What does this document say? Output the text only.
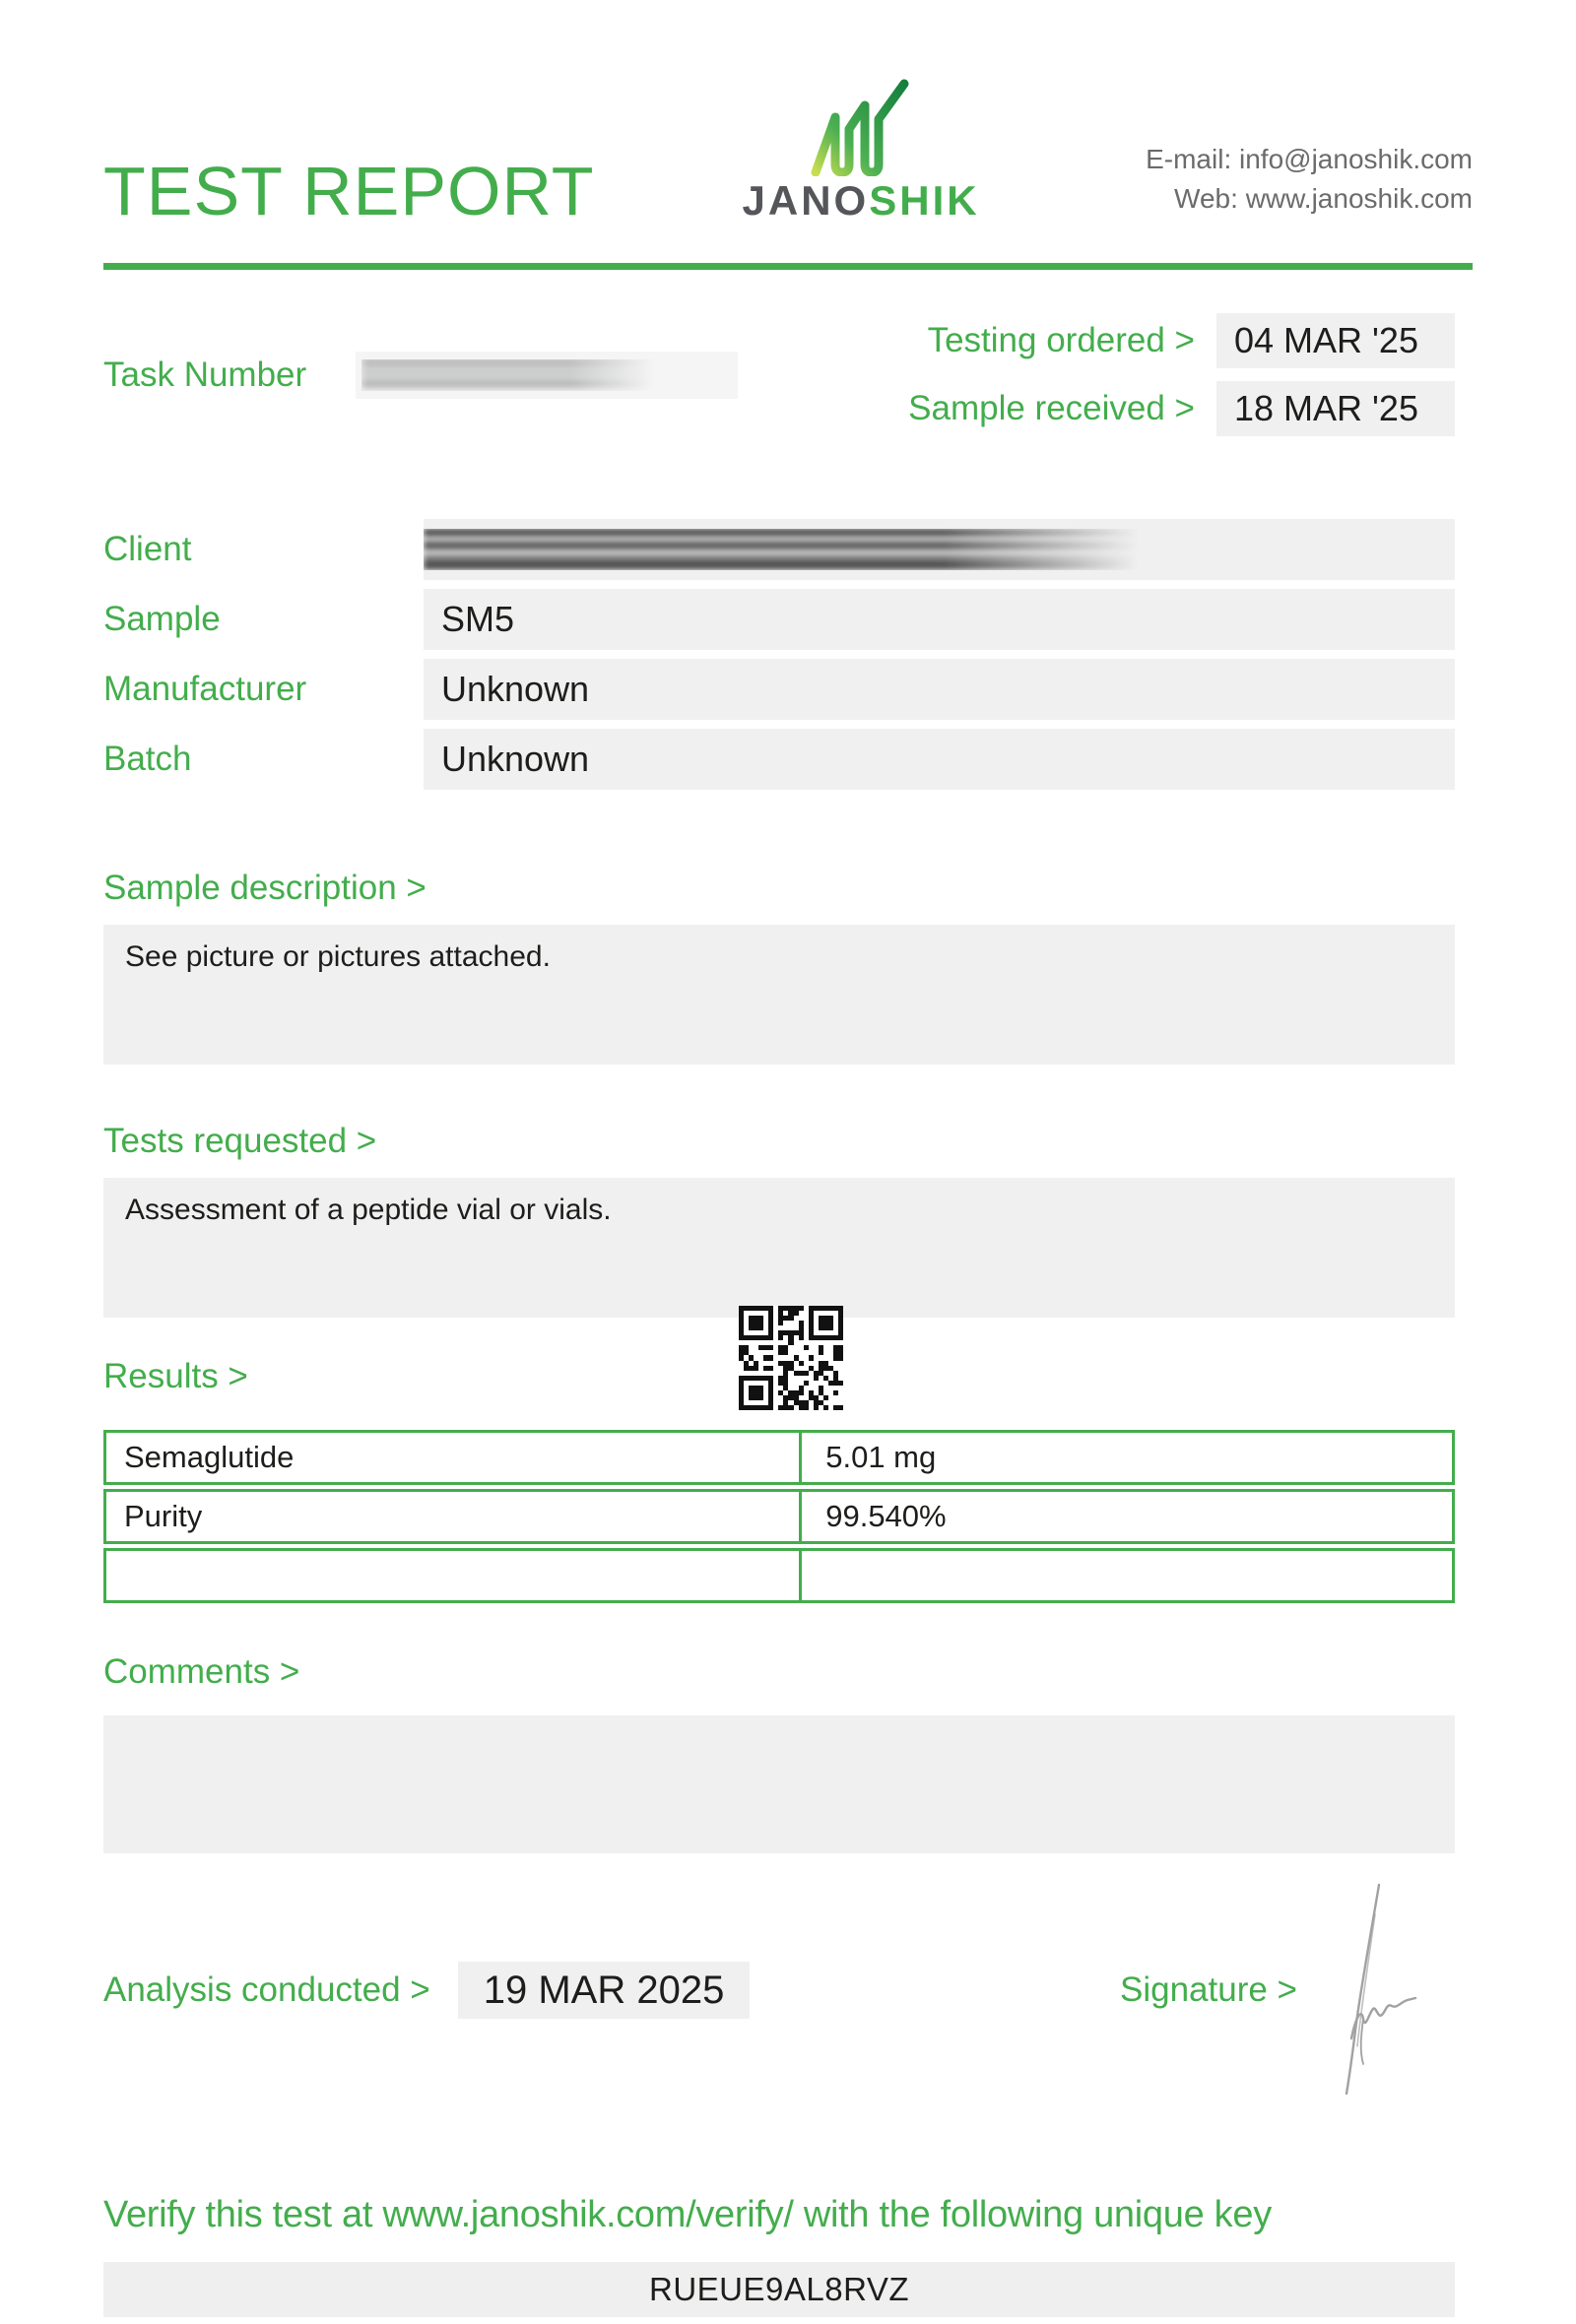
TEST REPORT	JANOSHIK
E-mail: info@janoshik.com
Web: www.janoshik.com
Task Number
Testing ordered >	04 MAR '25
Sample received >	18 MAR '25
Client
Sample	SM5
Manufacturer	Unknown
Batch	Unknown
Sample description >
See picture or pictures attached.
Tests requested >
Assessment of a peptide vial or vials.
Results >
Semaglutide	5.01 mg
Purity	99.540%
Comments >
Analysis conducted >	19 MAR 2025	Signature >
Verify this test at www.janoshik.com/verify/ with the following unique key
RUEUE9AL8RVZ
